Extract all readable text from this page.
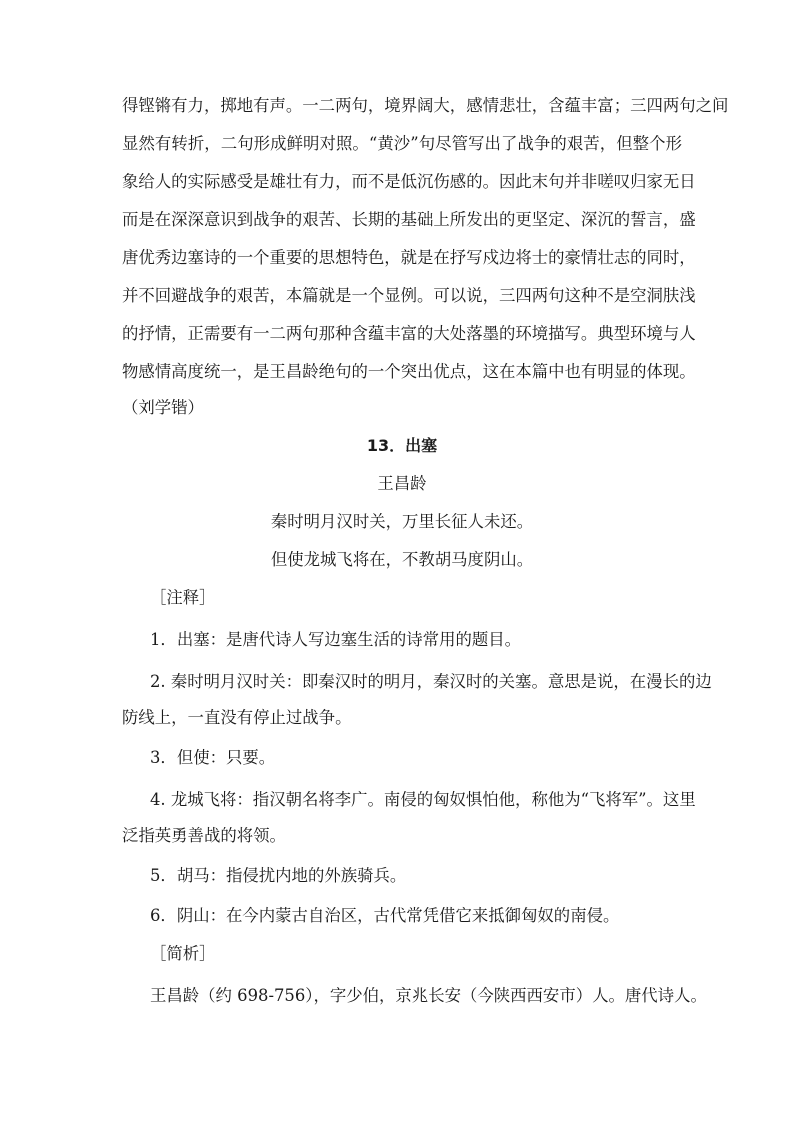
得铿锵有力，掷地有声。一二两句，境界阔大，感情悲壮，含蕴丰富；三四两句之间
显然有转折，二句形成鲜明对照。“黄沙”句尽管写出了战争的艰苦，但整个形
象给人的实际感受是雄壮有力，而不是低沉伤感的。因此末句并非嗟叹归家无日
而是在深深意识到战争的艰苦、长期的基础上所发出的更坚定、深沉的誓言，盛
唐优秀边塞诗的一个重要的思想特色，就是在抒写戍边将士的豪情壮志的同时，
并不回避战争的艰苦，本篇就是一个显例。可以说，三四两句这种不是空洞肤浅
的抒情，正需要有一二两句那种含蕴丰富的大处落墨的环境描写。典型环境与人
物感情高度统一，是王昌龄绝句的一个突出优点，这在本篇中也有明显的体现。
（刘学锴）
13．出塞
王昌龄
秦时明月汉时关，万里长征人未还。
但使龙城飞将在，不教胡马度阴山。
［注释］
1．出塞：是唐代诗人写边塞生活的诗常用的题目。
2. 秦时明月汉时关：即秦汉时的明月，秦汉时的关塞。意思是说，在漫长的边
防线上，一直没有停止过战争。
3．但使：只要。
4. 龙城飞将：指汉朝名将李广。南侵的匈奴惧怕他，称他为“飞将军”。这里
泛指英勇善战的将领。
5．胡马：指侵扰内地的外族骑兵。
6．阴山：在今内蒙古自治区，古代常凭借它来抵御匈奴的南侵。
［简析］
王昌龄（约 698-756），字少伯，京兆长安（今陕西西安市）人。唐代诗人。
